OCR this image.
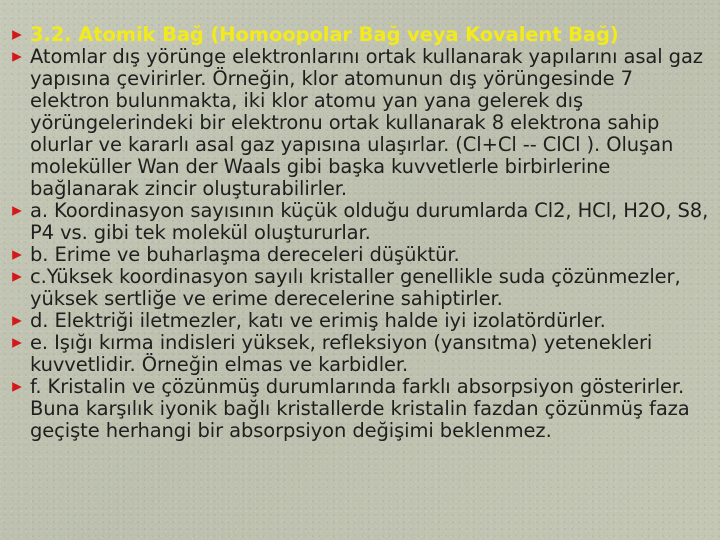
3.2. Atomik Bağ (Homoopolar Bağ veya Kovalent Bağ)
Atomlar dış yörünge elektronlarını ortak kullanarak yapılarını asal gaz yapısına çevirirler. Örneğin, klor atomunun dış yörüngesinde 7 elektron bulunmakta, iki klor atomu yan yana gelerek dış yörüngelerindeki bir elektronu ortak kullanarak 8 elektrona sahip olurlar ve kararlı asal gaz yapısına ulaşırlar. (Cl+Cl -- ClCl ). Oluşan moleküller Wan der Waals gibi başka kuvvetlerle birbirlerine bağlanarak zincir oluşturabilirler.
a. Koordinasyon sayısının küçük olduğu durumlarda Cl2, HCl, H2O, S8, P4 vs. gibi tek molekül oluştururlar.
b. Erime ve buharlaşma dereceleri düşüktür.
c.Yüksek koordinasyon sayılı kristaller genellikle suda çözünmezler, yüksek sertliğe ve erime derecelerine sahiptirler.
d. Elektriği iletmezler, katı ve erimiş halde iyi izolatördürler.
e. Işığı kırma indisleri yüksek, refleksiyon (yansıtma) yetenekleri kuvvetlidir. Örneğin elmas ve karbidler.
f. Kristalin ve çözünmüş durumlarında farklı absorpsiyon gösterirler. Buna karşılık iyonik bağlı kristallerde kristalin fazdan çözünmüş faza geçişte herhangi bir absorpsiyon değişimi beklenmez.
